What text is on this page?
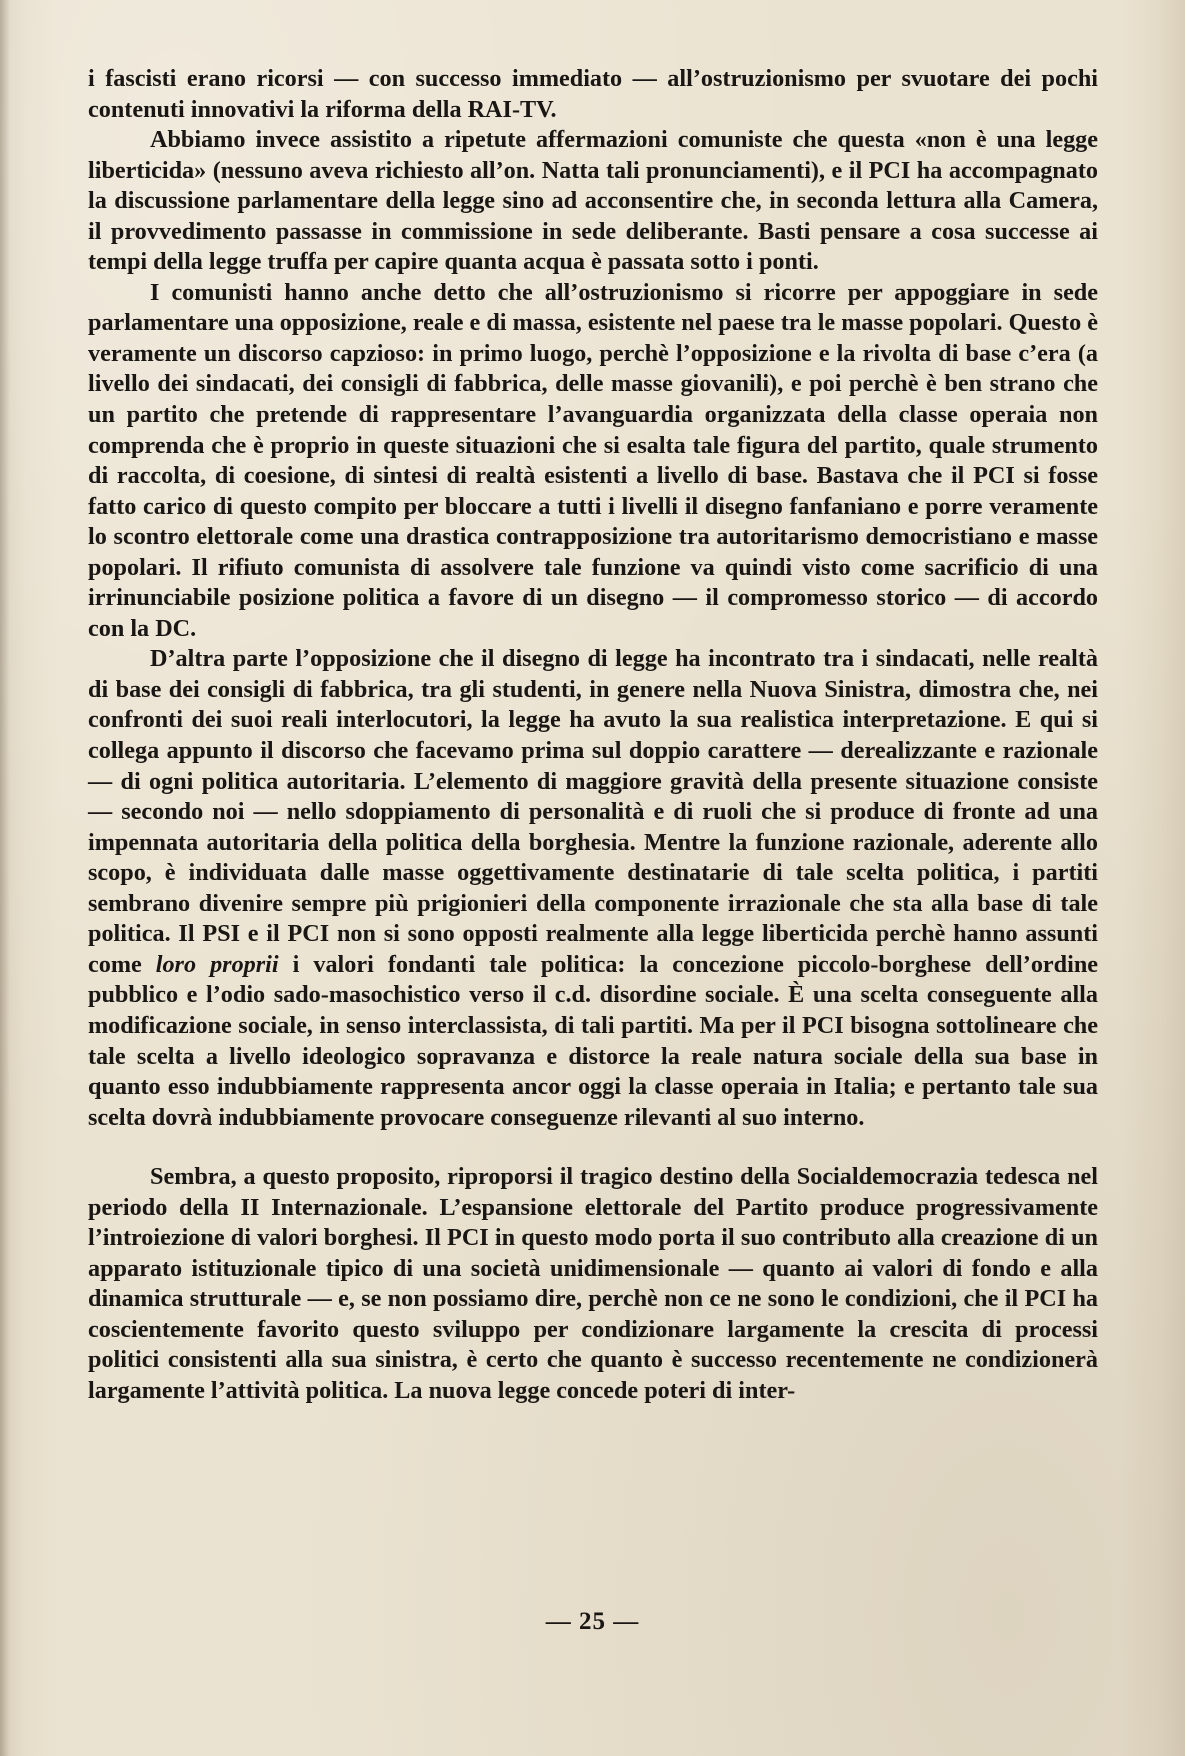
i fascisti erano ricorsi — con successo immediato — all’ostruzionismo per svuotare dei pochi contenuti innovativi la riforma della RAI-TV.

Abbiamo invece assistito a ripetute affermazioni comuniste che questa «non è una legge liberticida» (nessuno aveva richiesto all’on. Natta tali pronunciamenti), e il PCI ha accompagnato la discussione parlamentare della legge sino ad acconsentire che, in seconda lettura alla Camera, il provvedimento passasse in commissione in sede deliberante. Basti pensare a cosa successe ai tempi della legge truffa per capire quanta acqua è passata sotto i ponti.

I comunisti hanno anche detto che all’ostruzionismo si ricorre per appoggiare in sede parlamentare una opposizione, reale e di massa, esistente nel paese tra le masse popolari. Questo è veramente un discorso capzioso: in primo luogo, perchè l’opposizione e la rivolta di base c’era (a livello dei sindacati, dei consigli di fabbrica, delle masse giovanili), e poi perchè è ben strano che un partito che pretende di rappresentare l’avanguardia organizzata della classe operaia non comprenda che è proprio in queste situazioni che si esalta tale figura del partito, quale strumento di raccolta, di coesione, di sintesi di realtà esistenti a livello di base. Bastava che il PCI si fosse fatto carico di questo compito per bloccare a tutti i livelli il disegno fanfaniano e porre veramente lo scontro elettorale come una drastica contrapposizione tra autoritarismo democristiano e masse popolari. Il rifiuto comunista di assolvere tale funzione va quindi visto come sacrificio di una irrinunciabile posizione politica a favore di un disegno — il compromesso storico — di accordo con la DC.

D’altra parte l’opposizione che il disegno di legge ha incontrato tra i sindacati, nelle realtà di base dei consigli di fabbrica, tra gli studenti, in genere nella Nuova Sinistra, dimostra che, nei confronti dei suoi reali interlocutori, la legge ha avuto la sua realistica interpretazione. E qui si collega appunto il discorso che facevamo prima sul doppio carattere — derealizzante e razionale — di ogni politica autoritaria. L’elemento di maggiore gravità della presente situazione consiste — secondo noi — nello sdoppiamento di personalità e di ruoli che si produce di fronte ad una impennata autoritaria della politica della borghesia. Mentre la funzione razionale, aderente allo scopo, è individuata dalle masse oggettivamente destinatarie di tale scelta politica, i partiti sembrano divenire sempre più prigionieri della componente irrazionale che sta alla base di tale politica. Il PSI e il PCI non si sono opposti realmente alla legge liberticida perchè hanno assunti come loro proprii i valori fondanti tale politica: la concezione piccolo-borghese dell’ordine pubblico e l’odio sado-masochistico verso il c.d. disordine sociale. È una scelta conseguente alla modificazione sociale, in senso interclassista, di tali partiti. Ma per il PCI bisogna sottolineare che tale scelta a livello ideologico sopravanza e distorce la reale natura sociale della sua base in quanto esso indubbiamente rappresenta ancor oggi la classe operaia in Italia; e pertanto tale sua scelta dovrà indubbiamente provocare conseguenze rilevanti al suo interno.

Sembra, a questo proposito, riproporsi il tragico destino della Socialdemocrazia tedesca nel periodo della II Internazionale. L’espansione elettorale del Partito produce progressivamente l’introiezione di valori borghesi. Il PCI in questo modo porta il suo contributo alla creazione di un apparato istituzionale tipico di una società unidimensionale — quanto ai valori di fondo e alla dinamica strutturale — e, se non possiamo dire, perchè non ce ne sono le condizioni, che il PCI ha coscientemente favorito questo sviluppo per condizionare largamente la crescita di processi politici consistenti alla sua sinistra, è certo che quanto è successo recentemente ne condizionerà largamente l’attività politica. La nuova legge concede poteri di inter-

— 25 —
